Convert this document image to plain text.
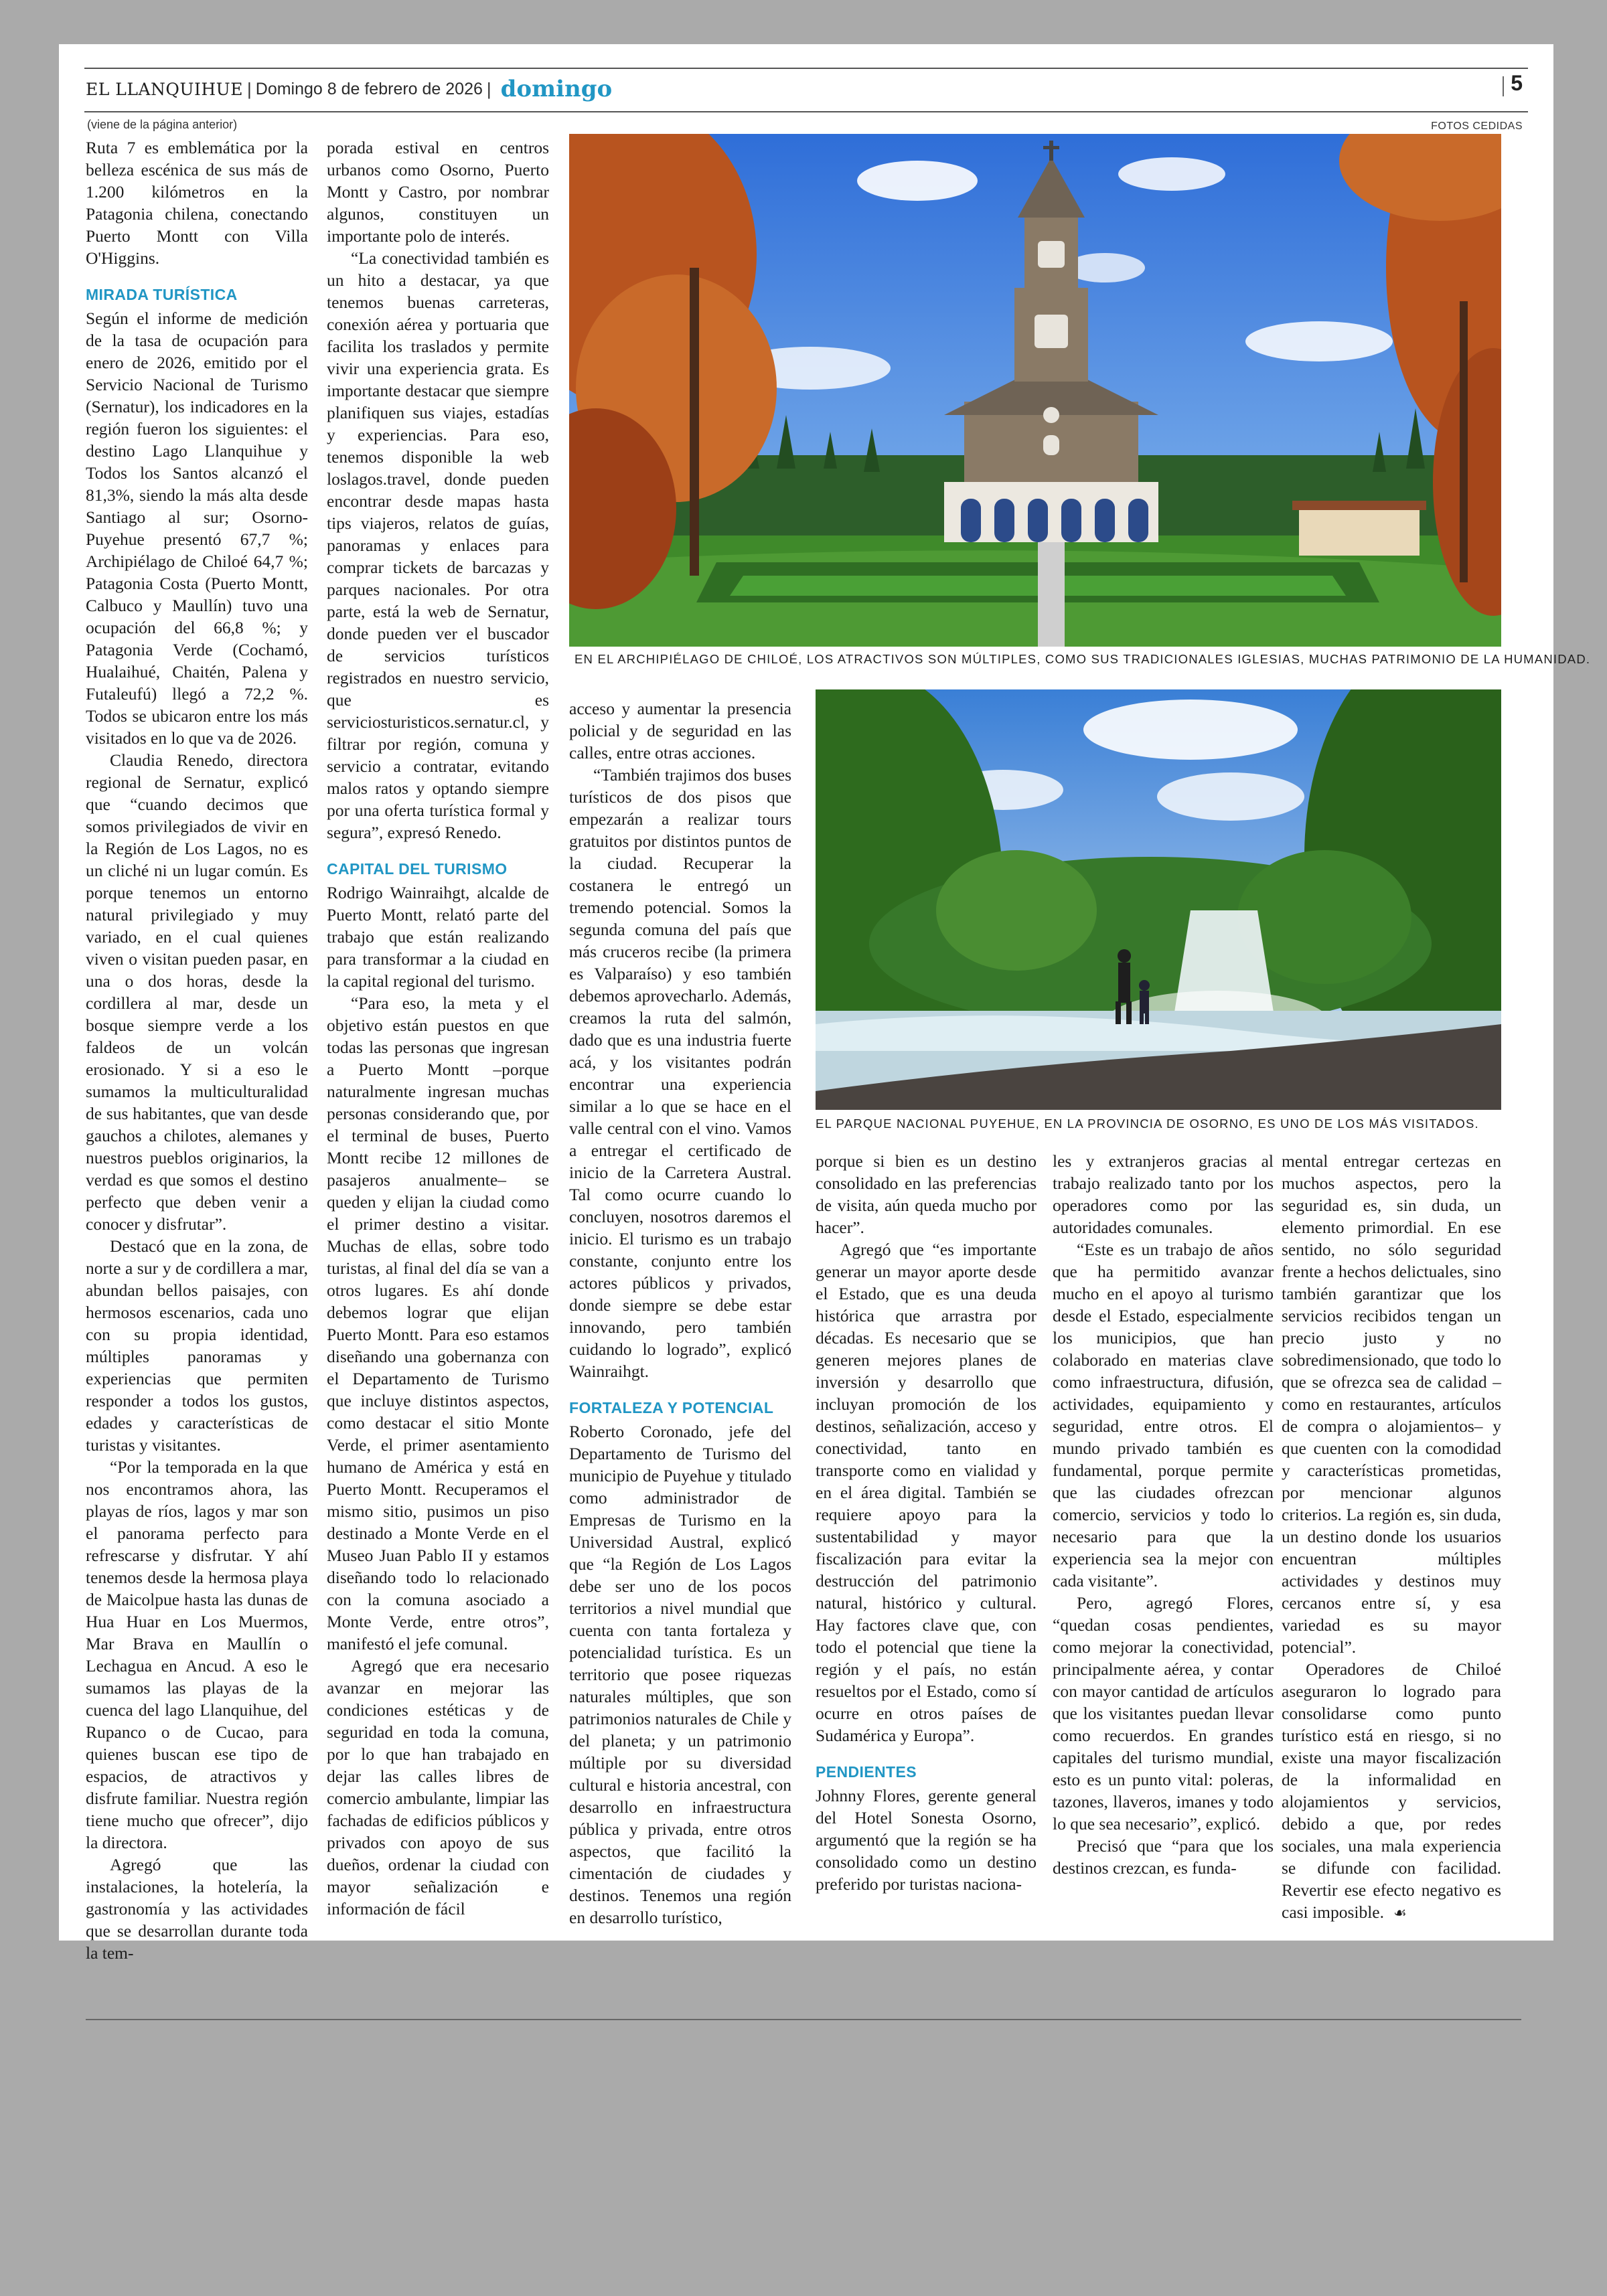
EL LLANQUIHUE | Domingo 8 de febrero de 2026 | domingo	5
(viene de la página anterior)	FOTOS CEDIDAS

Ruta 7 es emblemática por la belleza escénica de sus más de 1.200 kilómetros en la Patagonia chilena, conectando Puerto Montt con Villa O'Higgins.

MIRADA TURÍSTICA

Según el informe de medición de la tasa de ocupación para enero de 2026, emitido por el Servicio Nacional de Turismo (Sernatur), los indicadores en la región fueron los siguientes: el destino Lago Llanquihue y Todos los Santos alcanzó el 81,3%, siendo la más alta desde Santiago al sur; Osorno-Puyehue presentó 67,7 %; Archipiélago de Chiloé 64,7 %; Patagonia Costa (Puerto Montt, Calbuco y Maullín) tuvo una ocupación del 66,8 %; y Patagonia Verde (Cochamó, Hualaihué, Chaitén, Palena y Futaleufú) llegó a 72,2 %. Todos se ubicaron entre los más visitados en lo que va de 2026.

Claudia Renedo, directora regional de Sernatur, explicó que “cuando decimos que somos privilegiados de vivir en la Región de Los Lagos, no es un cliché ni un lugar común. Es porque tenemos un entorno natural privilegiado y muy variado, en el cual quienes viven o visitan pueden pasar, en una o dos horas, desde la cordillera al mar, desde un bosque siempre verde a los faldeos de un volcán erosionado. Y si a eso le sumamos la multiculturalidad de sus habitantes, que van desde gauchos a chilotes, alemanes y nuestros pueblos originarios, la verdad es que somos el destino perfecto que deben venir a conocer y disfrutar”.

Destacó que en la zona, de norte a sur y de cordillera a mar, abundan bellos paisajes, con hermosos escenarios, cada uno con su propia identidad, múltiples panoramas y experiencias que permiten responder a todos los gustos, edades y características de turistas y visitantes.

“Por la temporada en la que nos encontramos ahora, las playas de ríos, lagos y mar son el panorama perfecto para refrescarse y disfrutar. Y ahí tenemos desde la hermosa playa de Maicolpue hasta las dunas de Hua Huar en Los Muermos, Mar Brava en Maullín o Lechagua en Ancud. A eso le sumamos las playas de la cuenca del lago Llanquihue, del Rupanco o de Cucao, para quienes buscan ese tipo de espacios, de atractivos y disfrute familiar. Nuestra región tiene mucho que ofrecer”, dijo la directora.

Agregó que las instalaciones, la hotelería, la gastronomía y las actividades que se desarrollan durante toda la tem-

porada estival en centros urbanos como Osorno, Puerto Montt y Castro, por nombrar algunos, constituyen un importante polo de interés.

“La conectividad también es un hito a destacar, ya que tenemos buenas carreteras, conexión aérea y portuaria que facilita los traslados y permite vivir una experiencia grata. Es importante destacar que siempre planifiquen sus viajes, estadías y experiencias. Para eso, tenemos disponible la web loslagos.travel, donde pueden encontrar desde mapas hasta tips viajeros, relatos de guías, panoramas y enlaces para comprar tickets de barcazas y parques nacionales. Por otra parte, está la web de Sernatur, donde pueden ver el buscador de servicios turísticos registrados en nuestro servicio, que es serviciosturisticos.sernatur.cl, y filtrar por región, comuna y servicio a contratar, evitando malos ratos y optando siempre por una oferta turística formal y segura”, expresó Renedo.

CAPITAL DEL TURISMO

Rodrigo Wainraihgt, alcalde de Puerto Montt, relató parte del trabajo que están realizando para transformar a la ciudad en la capital regional del turismo.

“Para eso, la meta y el objetivo están puestos en que todas las personas que ingresan a Puerto Montt –porque naturalmente ingresan muchas personas considerando que, por el terminal de buses, Puerto Montt recibe 12 millones de pasajeros anualmente– se queden y elijan la ciudad como el primer destino a visitar. Muchas de ellas, sobre todo turistas, al final del día se van a otros lugares. Es ahí donde debemos lograr que elijan Puerto Montt. Para eso estamos diseñando una gobernanza con el Departamento de Turismo que incluye distintos aspectos, como destacar el sitio Monte Verde, el primer asentamiento humano de América y está en Puerto Montt. Recuperamos el mismo sitio, pusimos un piso destinado a Monte Verde en el Museo Juan Pablo II y estamos diseñando todo lo relacionado con la comuna asociado a Monte Verde, entre otros”, manifestó el jefe comunal.

Agregó que era necesario avanzar en mejorar las condiciones estéticas y de seguridad en toda la comuna, por lo que han trabajado en dejar las calles libres de comercio ambulante, limpiar las fachadas de edificios públicos y privados con apoyo de sus dueños, ordenar la ciudad con mayor señalización e información de fácil

EN EL ARCHIPIÉLAGO DE CHILOÉ, LOS ATRACTIVOS SON MÚLTIPLES, COMO SUS TRADICIONALES IGLESIAS, MUCHAS PATRIMONIO DE LA HUMANIDAD.
EL PARQUE NACIONAL PUYEHUE, EN LA PROVINCIA DE OSORNO, ES UNO DE LOS MÁS VISITADOS.

acceso y aumentar la presencia policial y de seguridad en las calles, entre otras acciones.

“También trajimos dos buses turísticos de dos pisos que empezarán a realizar tours gratuitos por distintos puntos de la ciudad. Recuperar la costanera le entregó un tremendo potencial. Somos la segunda comuna del país que más cruceros recibe (la primera es Valparaíso) y eso también debemos aprovecharlo. Además, creamos la ruta del salmón, dado que es una industria fuerte acá, y los visitantes podrán encontrar una experiencia similar a lo que se hace en el valle central con el vino. Vamos a entregar el certificado de inicio de la Carretera Austral. Tal como ocurre cuando lo concluyen, nosotros daremos el inicio. El turismo es un trabajo constante, conjunto entre los actores públicos y privados, donde siempre se debe estar innovando, pero también cuidando lo logrado”, explicó Wainraihgt.

FORTALEZA Y POTENCIAL

Roberto Coronado, jefe del Departamento de Turismo del municipio de Puyehue y titulado como administrador de Empresas de Turismo en la Universidad Austral, explicó que “la Región de Los Lagos debe ser uno de los pocos territorios a nivel mundial que cuenta con tanta fortaleza y potencialidad turística. Es un territorio que posee riquezas naturales múltiples, que son patrimonios naturales de Chile y del planeta; y un patrimonio múltiple por su diversidad cultural e historia ancestral, con desarrollo en infraestructura pública y privada, entre otros aspectos, que facilitó la cimentación de ciudades y destinos. Tenemos una región en desarrollo turístico,

porque si bien es un destino consolidado en las preferencias de visita, aún queda mucho por hacer”.

Agregó que “es importante generar un mayor aporte desde el Estado, que es una deuda histórica que arrastra por décadas. Es necesario que se generen mejores planes de inversión y desarrollo que incluyan promoción de los destinos, señalización, acceso y conectividad, tanto en transporte como en vialidad y en el área digital. También se requiere apoyo para la sustentabilidad y mayor fiscalización para evitar la destrucción del patrimonio natural, histórico y cultural. Hay factores clave que, con todo el potencial que tiene la región y el país, no están resueltos por el Estado, como sí ocurre en otros países de Sudamérica y Europa”.

PENDIENTES

Johnny Flores, gerente general del Hotel Sonesta Osorno, argumentó que la región se ha consolidado como un destino preferido por turistas naciona-

les y extranjeros gracias al trabajo realizado tanto por los operadores como por las autoridades comunales.

“Este es un trabajo de años que ha permitido avanzar mucho en el apoyo al turismo desde el Estado, especialmente los municipios, que han colaborado en materias clave como infraestructura, difusión, actividades, equipamiento y seguridad, entre otros. El mundo privado también es fundamental, porque permite que las ciudades ofrezcan comercio, servicios y todo lo necesario para que la experiencia sea la mejor con cada visitante”.

Pero, agregó Flores, “quedan cosas pendientes, como mejorar la conectividad, principalmente aérea, y contar con mayor cantidad de artículos que los visitantes puedan llevar como recuerdos. En grandes capitales del turismo mundial, esto es un punto vital: poleras, tazones, llaveros, imanes y todo lo que sea necesario”, explicó.

Precisó que “para que los destinos crezcan, es funda-

mental entregar certezas en muchos aspectos, pero la seguridad es, sin duda, un elemento primordial. En ese sentido, no sólo seguridad frente a hechos delictuales, sino también garantizar que los servicios recibidos tengan un precio justo y no sobredimensionado, que todo lo que se ofrezca sea de calidad –como en restaurantes, artículos de compra o alojamientos– y que cuenten con la comodidad y características prometidas, por mencionar algunos criterios. La región es, sin duda, un destino donde los usuarios encuentran múltiples actividades y destinos muy cercanos entre sí, y esa variedad es su mayor potencial”.

Operadores de Chiloé aseguraron lo logrado para consolidarse como punto turístico está en riesgo, si no existe una mayor fiscalización de la informalidad en alojamientos y servicios, debido a que, por redes sociales, una mala experiencia se difunde con facilidad. Revertir ese efecto negativo es casi imposible. ☙
